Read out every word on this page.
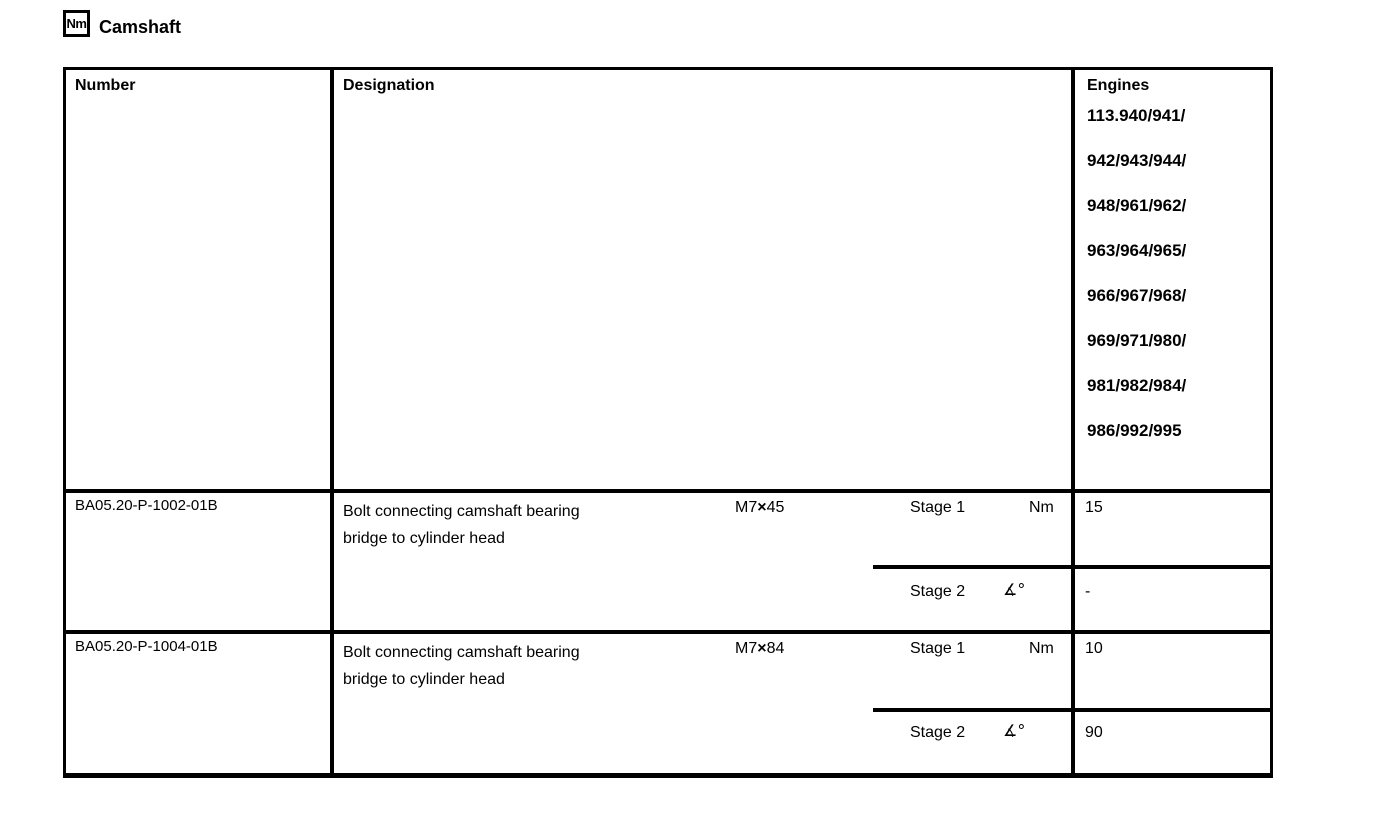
Nm Camshaft
Number	Designation	Engines
113.940/941/
942/943/944/
948/961/962/
963/964/965/
966/967/968/
969/971/980/
981/982/984/
986/992/995
BA05.20-P-1002-01B	Bolt connecting camshaft bearing
bridge to cylinder head
M7×45	Stage 1	Nm 15
Stage 2 ∡°	-
BA05.20-P-1004-01B	Bolt connecting camshaft bearing
bridge to cylinder head
M7×84	Stage 1	Nm 10
Stage 2 ∡°	90
